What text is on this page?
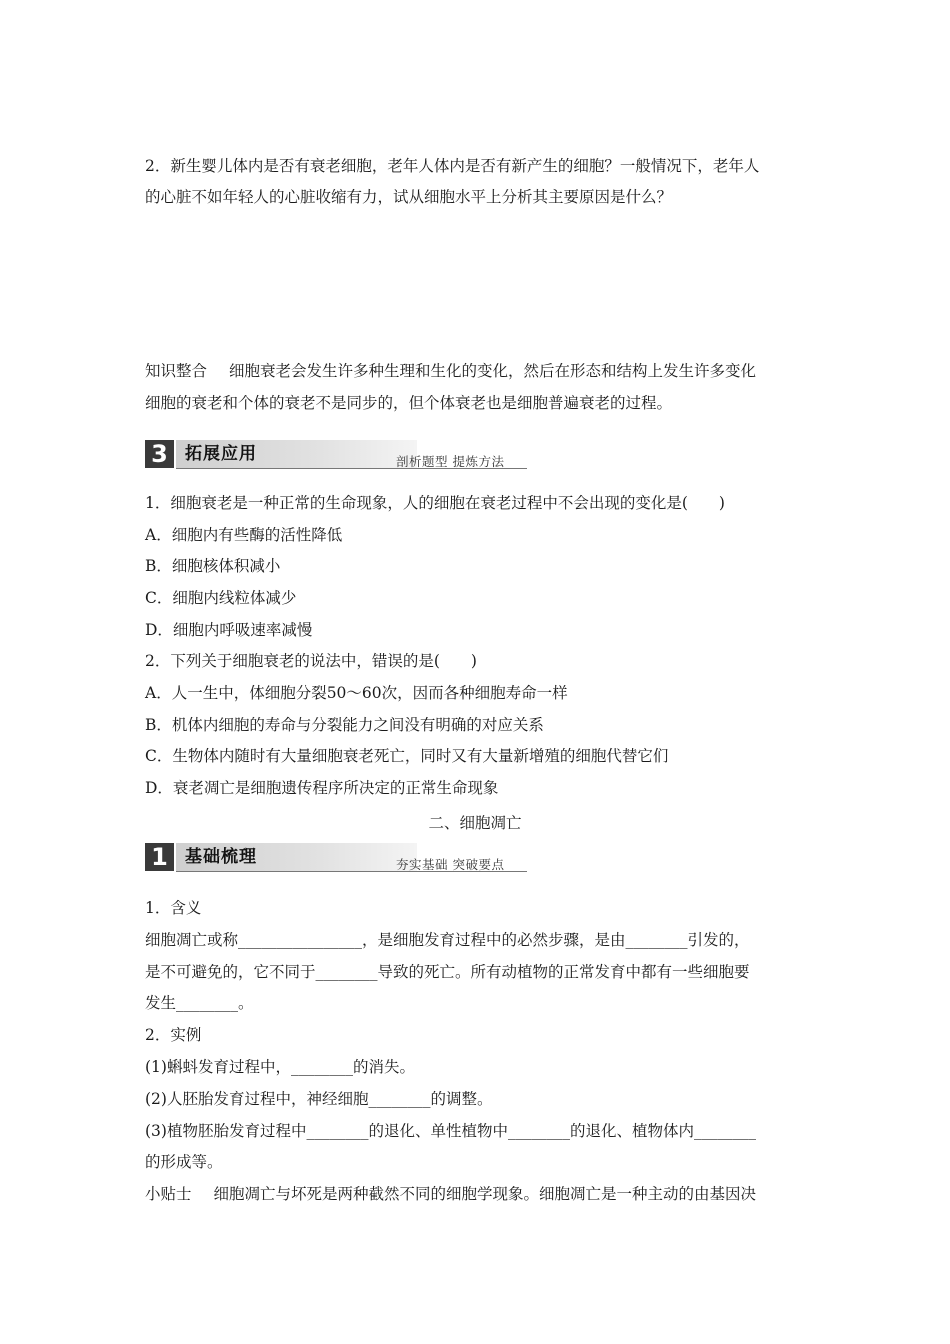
2．新生婴儿体内是否有衰老细胞，老年人体内是否有新产生的细胞？一般情况下，老年人
的心脏不如年轻人的心脏收缩有力，试从细胞水平上分析其主要原因是什么？
知识整合 细胞衰老会发生许多种生理和生化的变化，然后在形态和结构上发生许多变化
细胞的衰老和个体的衰老不是同步的，但个体衰老也是细胞普遍衰老的过程。
3	拓展应用	剖析题型 提炼方法
1．细胞衰老是一种正常的生命现象，人的细胞在衰老过程中不会出现的变化是(　　)
A．细胞内有些酶的活性降低
B．细胞核体积减小
C．细胞内线粒体减少
D．细胞内呼吸速率减慢
2．下列关于细胞衰老的说法中，错误的是(　　)
A．人一生中，体细胞分裂50～60次，因而各种细胞寿命一样
B．机体内细胞的寿命与分裂能力之间没有明确的对应关系
C．生物体内随时有大量细胞衰老死亡，同时又有大量新增殖的细胞代替它们
D．衰老凋亡是细胞遗传程序所决定的正常生命现象
二、细胞凋亡
1	基础梳理	夯实基础 突破要点
1．含义
细胞凋亡或称________________，是细胞发育过程中的必然步骤，是由________引发的，
是不可避免的，它不同于________导致的死亡。所有动植物的正常发育中都有一些细胞要
发生________。
2．实例
(1)蝌蚪发育过程中，________的消失。
(2)人胚胎发育过程中，神经细胞________的调整。
(3)植物胚胎发育过程中________的退化、单性植物中________的退化、植物体内________
的形成等。
小贴士 细胞凋亡与坏死是两种截然不同的细胞学现象。细胞凋亡是一种主动的由基因决
